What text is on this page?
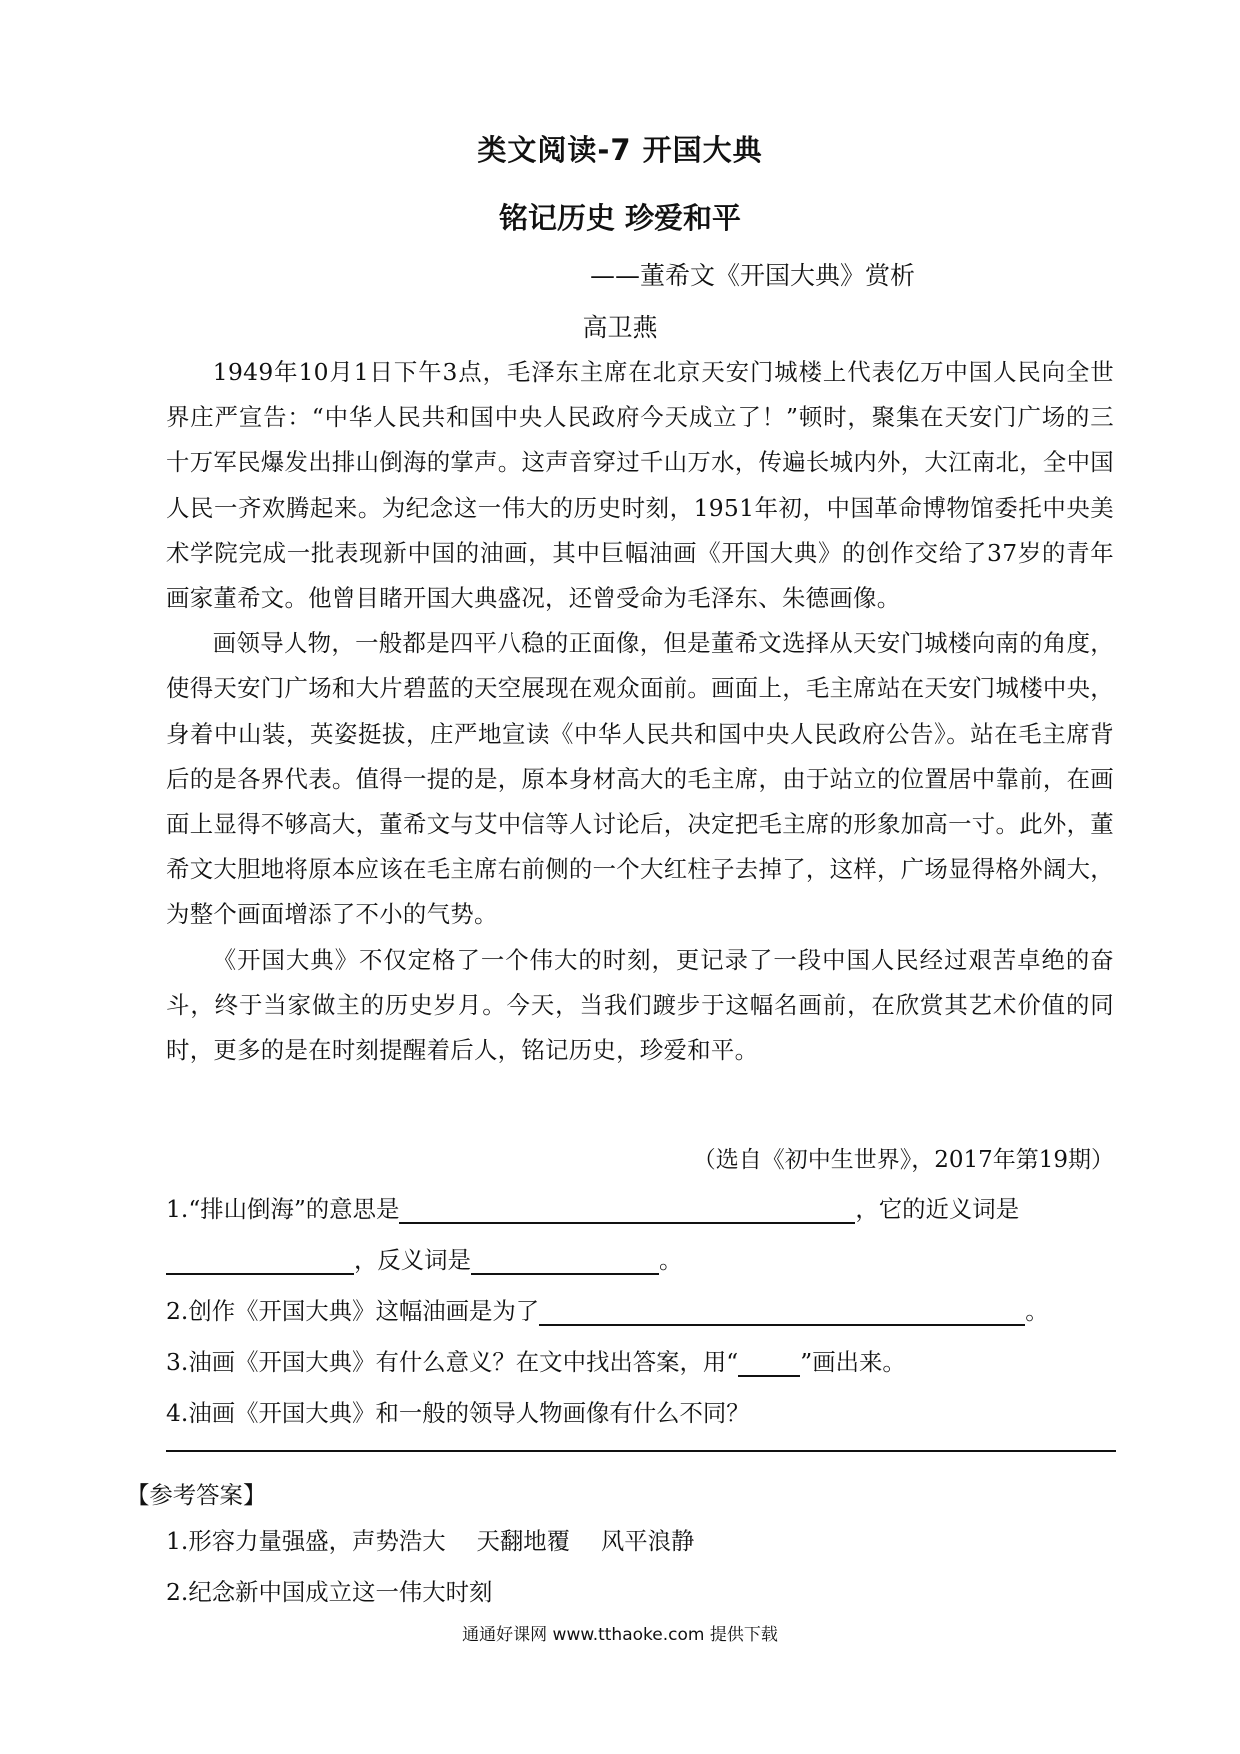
类文阅读-7 开国大典
铭记历史 珍爱和平
——董希文《开国大典》赏析
高卫燕

1949年10月1日下午3点，毛泽东主席在北京天安门城楼上代表亿万中国人民向全世界庄严宣告：“中华人民共和国中央人民政府今天成立了！”顿时，聚集在天安门广场的三十万军民爆发出排山倒海的掌声。这声音穿过千山万水，传遍长城内外，大江南北，全中国人民一齐欢腾起来。为纪念这一伟大的历史时刻，1951年初，中国革命博物馆委托中央美术学院完成一批表现新中国的油画，其中巨幅油画《开国大典》的创作交给了37岁的青年画家董希文。他曾目睹开国大典盛况，还曾受命为毛泽东、朱德画像。

画领导人物，一般都是四平八稳的正面像，但是董希文选择从天安门城楼向南的角度，使得天安门广场和大片碧蓝的天空展现在观众面前。画面上，毛主席站在天安门城楼中央，身着中山装，英姿挺拔，庄严地宣读《中华人民共和国中央人民政府公告》。站在毛主席背后的是各界代表。值得一提的是，原本身材高大的毛主席，由于站立的位置居中靠前，在画面上显得不够高大，董希文与艾中信等人讨论后，决定把毛主席的形象加高一寸。此外，董希文大胆地将原本应该在毛主席右前侧的一个大红柱子去掉了，这样，广场显得格外阔大，为整个画面增添了不小的气势。

《开国大典》不仅定格了一个伟大的时刻，更记录了一段中国人民经过艰苦卓绝的奋斗，终于当家做主的历史岁月。今天，当我们踱步于这幅名画前，在欣赏其艺术价值的同时，更多的是在时刻提醒着后人，铭记历史，珍爱和平。

（选自《初中生世界》，2017年第19期）
1.“排山倒海”的意思是	，它的近义词是
，反义词是	。
2.创作《开国大典》这幅油画是为了	。
3.油画《开国大典》有什么意义？在文中找出答案，用“	”画出来。
4.油画《开国大典》和一般的领导人物画像有什么不同？
【参考答案】
1.形容力量强盛，声势浩大　 天翻地覆　 风平浪静
2.纪念新中国成立这一伟大时刻
通通好课网 www.tthaoke.com 提供下载
